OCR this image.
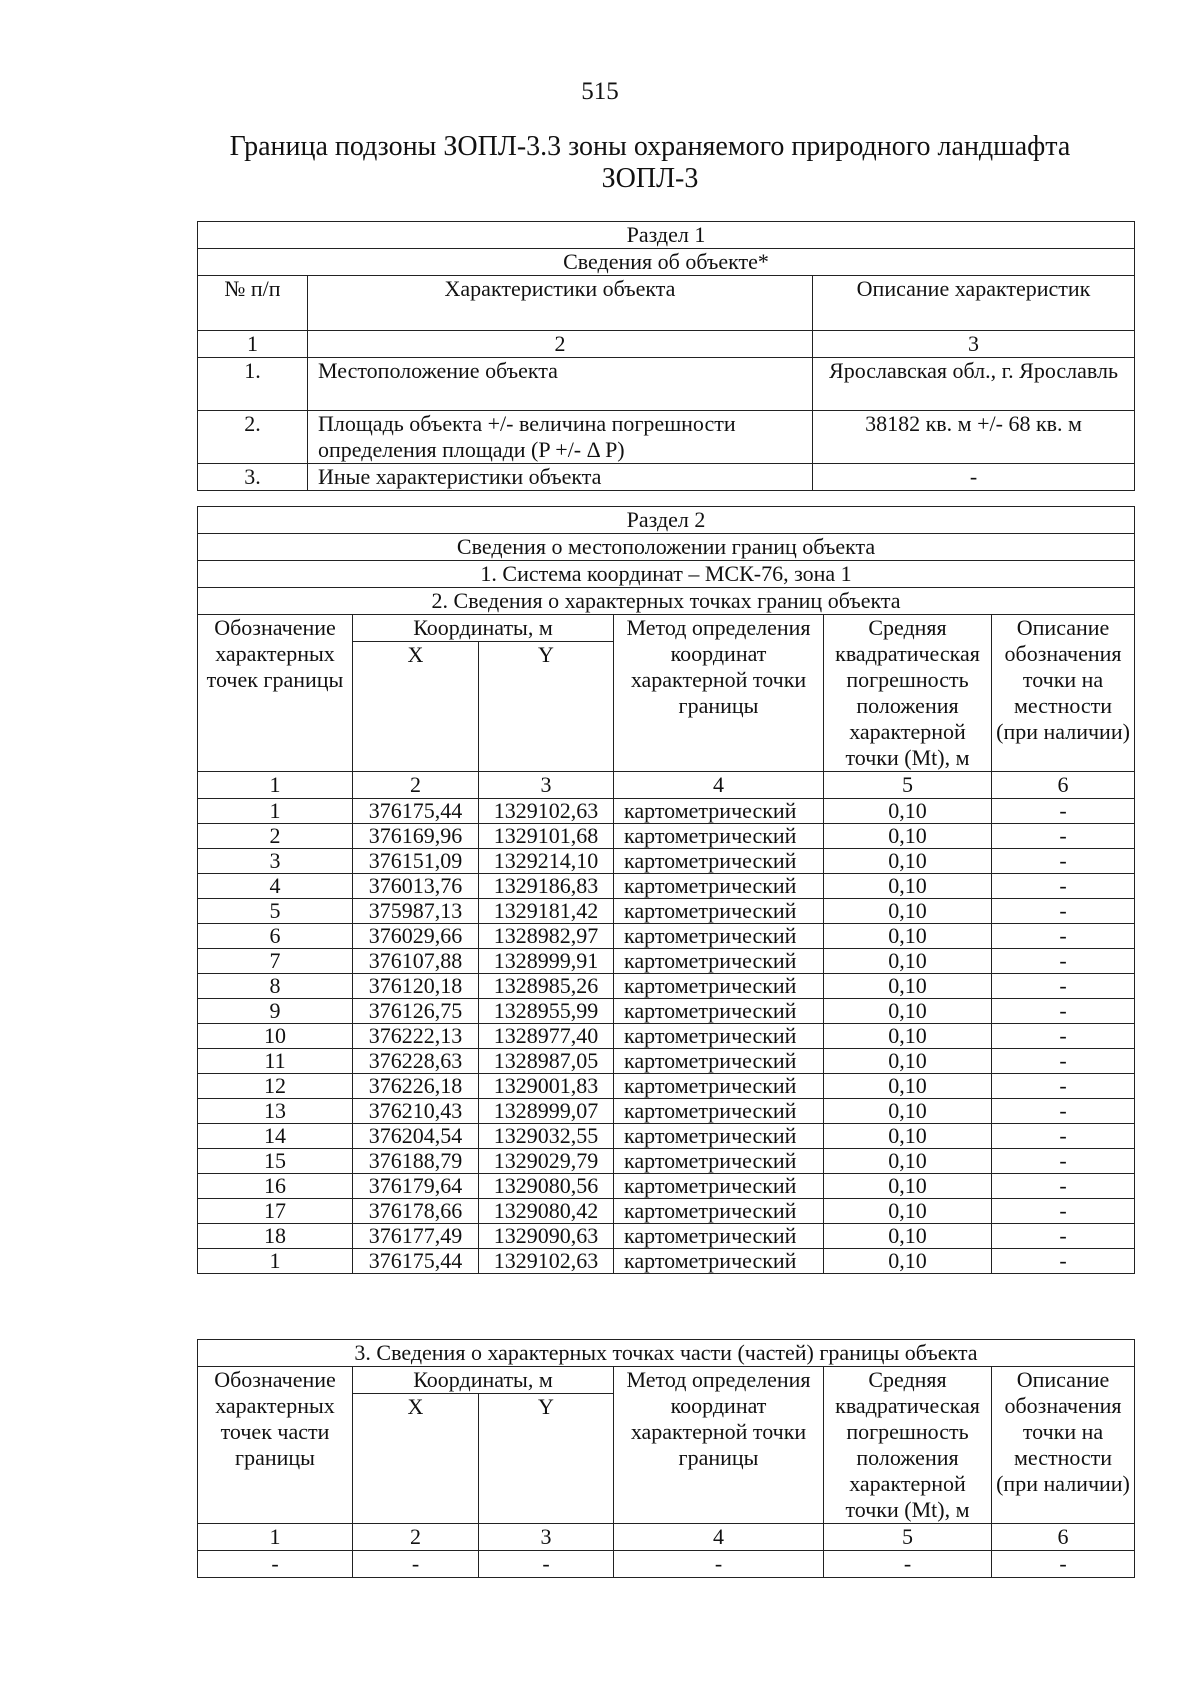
515
Граница подзоны ЗОПЛ-3.3 зоны охраняемого природного ландшафта ЗОПЛ-3
Раздел 1		
Сведения об объекте*		
№ п/п	Характеристики объекта	Описание характеристик
1	2	3
1.	Местоположение объекта	Ярославская обл., г. Ярославль
2.	Площадь объекта +/- величина погрешности определения площади (P +/- Δ P)	38182 кв. м +/- 68 кв. м
3.	Иные характеристики объекта	-
Раздел 2					
Сведения о местоположении границ объекта					
1. Система координат – МСК-76, зона 1					
2. Сведения о характерных точках границ объекта					
Обозначение характерных точек границы	Координаты, м		Метод определения координат характерной точки границы	Средняя квадратическая погрешность положения характерной точки (Mt), м	Описание обозначения точки на местности (при наличии)
	X	Y			
1	2	3	4	5	6
1	376175,44	1329102,63	картометрический	0,10	-
2	376169,96	1329101,68	картометрический	0,10	-
3	376151,09	1329214,10	картометрический	0,10	-
4	376013,76	1329186,83	картометрический	0,10	-
5	375987,13	1329181,42	картометрический	0,10	-
6	376029,66	1328982,97	картометрический	0,10	-
7	376107,88	1328999,91	картометрический	0,10	-
8	376120,18	1328985,26	картометрический	0,10	-
9	376126,75	1328955,99	картометрический	0,10	-
10	376222,13	1328977,40	картометрический	0,10	-
11	376228,63	1328987,05	картометрический	0,10	-
12	376226,18	1329001,83	картометрический	0,10	-
13	376210,43	1328999,07	картометрический	0,10	-
14	376204,54	1329032,55	картометрический	0,10	-
15	376188,79	1329029,79	картометрический	0,10	-
16	376179,64	1329080,56	картометрический	0,10	-
17	376178,66	1329080,42	картометрический	0,10	-
18	376177,49	1329090,63	картометрический	0,10	-
1	376175,44	1329102,63	картометрический	0,10	-
3. Сведения о характерных точках части (частей) границы объекта					
Обозначение характерных точек части границы	Координаты, м		Метод определения координат характерной точки границы	Средняя квадратическая погрешность положения характерной точки (Mt), м	Описание обозначения точки на местности (при наличии)
	X	Y			
1	2	3	4	5	6
-	-	-	-	-	-
